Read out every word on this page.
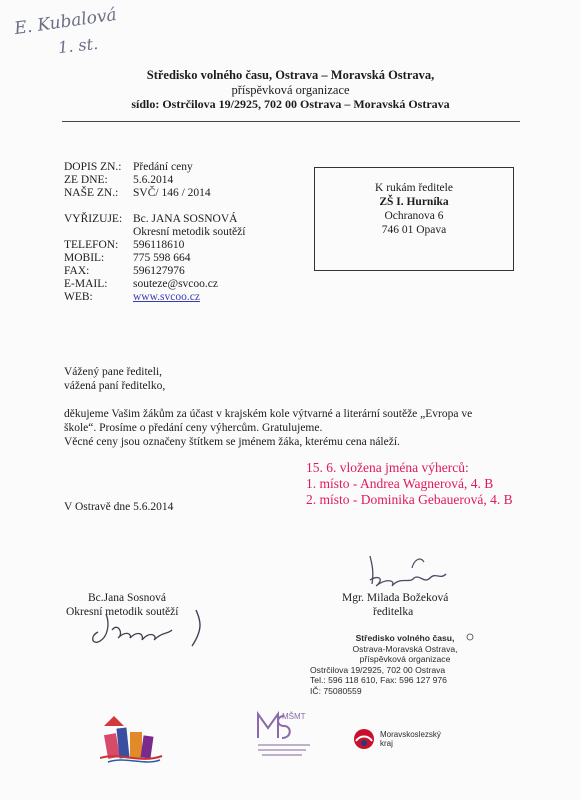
E. Kubalová
1. st.
Středisko volného času, Ostrava – Moravská Ostrava,
příspěvková organizace
sídlo: Ostrčilova 19/2925, 702 00 Ostrava – Moravská Ostrava
DOPIS ZN.: Předání ceny
ZE DNE: 5.6.2014
NAŠE ZN.: SVČ/ 146 / 2014
VYŘIZUJE: Bc. JANA SOSNOVÁ
Okresní metodik soutěží
TELEFON: 596118610
MOBIL:	775 598 664
FAX:	596127976
E-MAIL: souteze@svcoo.cz
WEB:	www.svcoo.cz
K rukám ředitele
ZŠ I. Hurníka
Ochranova 6
746 01 Opava
Vážený pane řediteli,
vážená paní ředitelko,
děkujeme Vašim žákům za účast v krajském kole výtvarné a literární soutěže „Evropa ve
škole“. Prosíme o předání ceny výhercům. Gratulujeme.
Věcné ceny jsou označeny štítkem se jménem žáka, kterému cena náleží.
15. 6. vložena jména výherců:
1. místo - Andrea Wagnerová, 4. B
2. místo - Dominika Gebauerová, 4. B
V Ostravě dne 5.6.2014
Bc.Jana Sosnová
Okresní metodik soutěží
Mgr. Milada Božeková
ředitelka
Středisko volného času,
Ostrava-Moravská Ostrava,
příspěvková organizace
Ostrčilova 19/2925, 702 00 Ostrava
Tel.: 596 118 610, Fax: 596 127 976
IČ: 75080559
MŠMT
Moravskoslezský
kraj
